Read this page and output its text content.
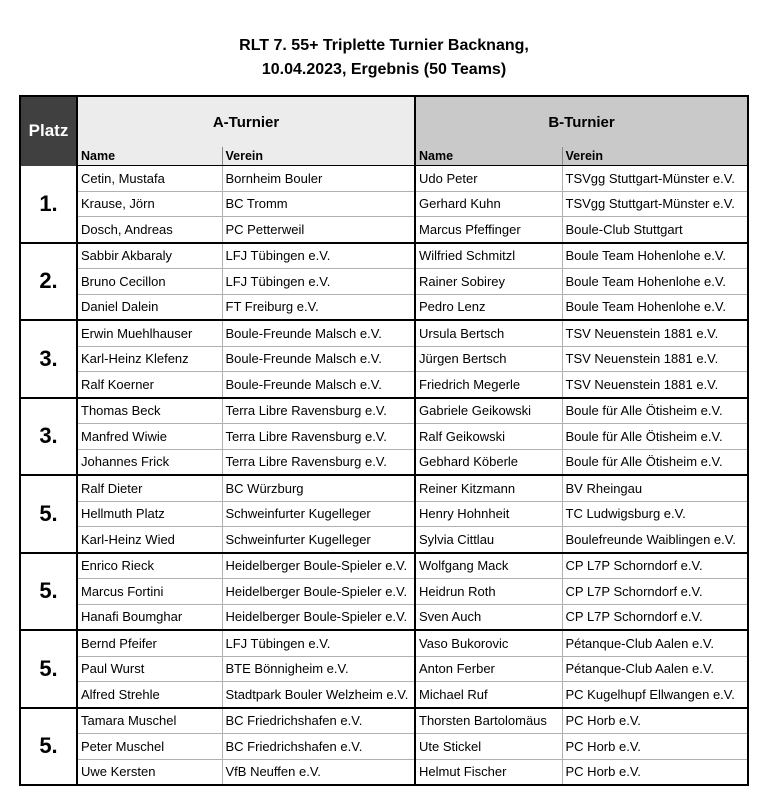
RLT 7. 55+ Triplette Turnier Backnang,
10.04.2023, Ergebnis (50 Teams)
Platz	A-Turnier		B-Turnier	
	Name	Verein	Name	Verein
1.	Cetin, Mustafa	Bornheim Bouler	Udo Peter	TSVgg Stuttgart-Münster e.V.
	Krause, Jörn	BC Tromm	Gerhard Kuhn	TSVgg Stuttgart-Münster e.V.
	Dosch, Andreas	PC Petterweil	Marcus Pfeffinger	Boule-Club Stuttgart
2.	Sabbir Akbaraly	LFJ Tübingen e.V.	Wilfried Schmitzl	Boule Team Hohenlohe e.V.
	Bruno Cecillon	LFJ Tübingen e.V.	Rainer Sobirey	Boule Team Hohenlohe e.V.
	Daniel Dalein	FT Freiburg e.V.	Pedro Lenz	Boule Team Hohenlohe e.V.
3.	Erwin Muehlhauser	Boule-Freunde Malsch e.V.	Ursula Bertsch	TSV Neuenstein 1881 e.V.
	Karl-Heinz Klefenz	Boule-Freunde Malsch e.V.	Jürgen Bertsch	TSV Neuenstein 1881 e.V.
	Ralf Koerner	Boule-Freunde Malsch e.V.	Friedrich Megerle	TSV Neuenstein 1881 e.V.
3.	Thomas Beck	Terra Libre Ravensburg e.V.	Gabriele Geikowski	Boule für Alle Ötisheim e.V.
	Manfred Wiwie	Terra Libre Ravensburg e.V.	Ralf Geikowski	Boule für Alle Ötisheim e.V.
	Johannes Frick	Terra Libre Ravensburg e.V.	Gebhard Köberle	Boule für Alle Ötisheim e.V.
5.	Ralf Dieter	BC Würzburg	Reiner Kitzmann	BV Rheingau
	Hellmuth Platz	Schweinfurter Kugelleger	Henry Hohnheit	TC Ludwigsburg e.V.
	Karl-Heinz Wied	Schweinfurter Kugelleger	Sylvia Cittlau	Boulefreunde Waiblingen e.V.
5.	Enrico Rieck	Heidelberger Boule-Spieler e.V.	Wolfgang Mack	CP L7P Schorndorf e.V.
	Marcus Fortini	Heidelberger Boule-Spieler e.V.	Heidrun Roth	CP L7P Schorndorf e.V.
	Hanafi Boumghar	Heidelberger Boule-Spieler e.V.	Sven Auch	CP L7P Schorndorf e.V.
5.	Bernd Pfeifer	LFJ Tübingen e.V.	Vaso Bukorovic	Pétanque-Club Aalen e.V.
	Paul Wurst	BTE Bönnigheim e.V.	Anton Ferber	Pétanque-Club Aalen e.V.
	Alfred Strehle	Stadtpark Bouler Welzheim e.V.	Michael Ruf	PC Kugelhupf Ellwangen e.V.
5.	Tamara Muschel	BC Friedrichshafen e.V.	Thorsten Bartolomäus	PC Horb e.V.
	Peter Muschel	BC Friedrichshafen e.V.	Ute Stickel	PC Horb e.V.
	Uwe Kersten	VfB Neuffen e.V.	Helmut Fischer	PC Horb e.V.
